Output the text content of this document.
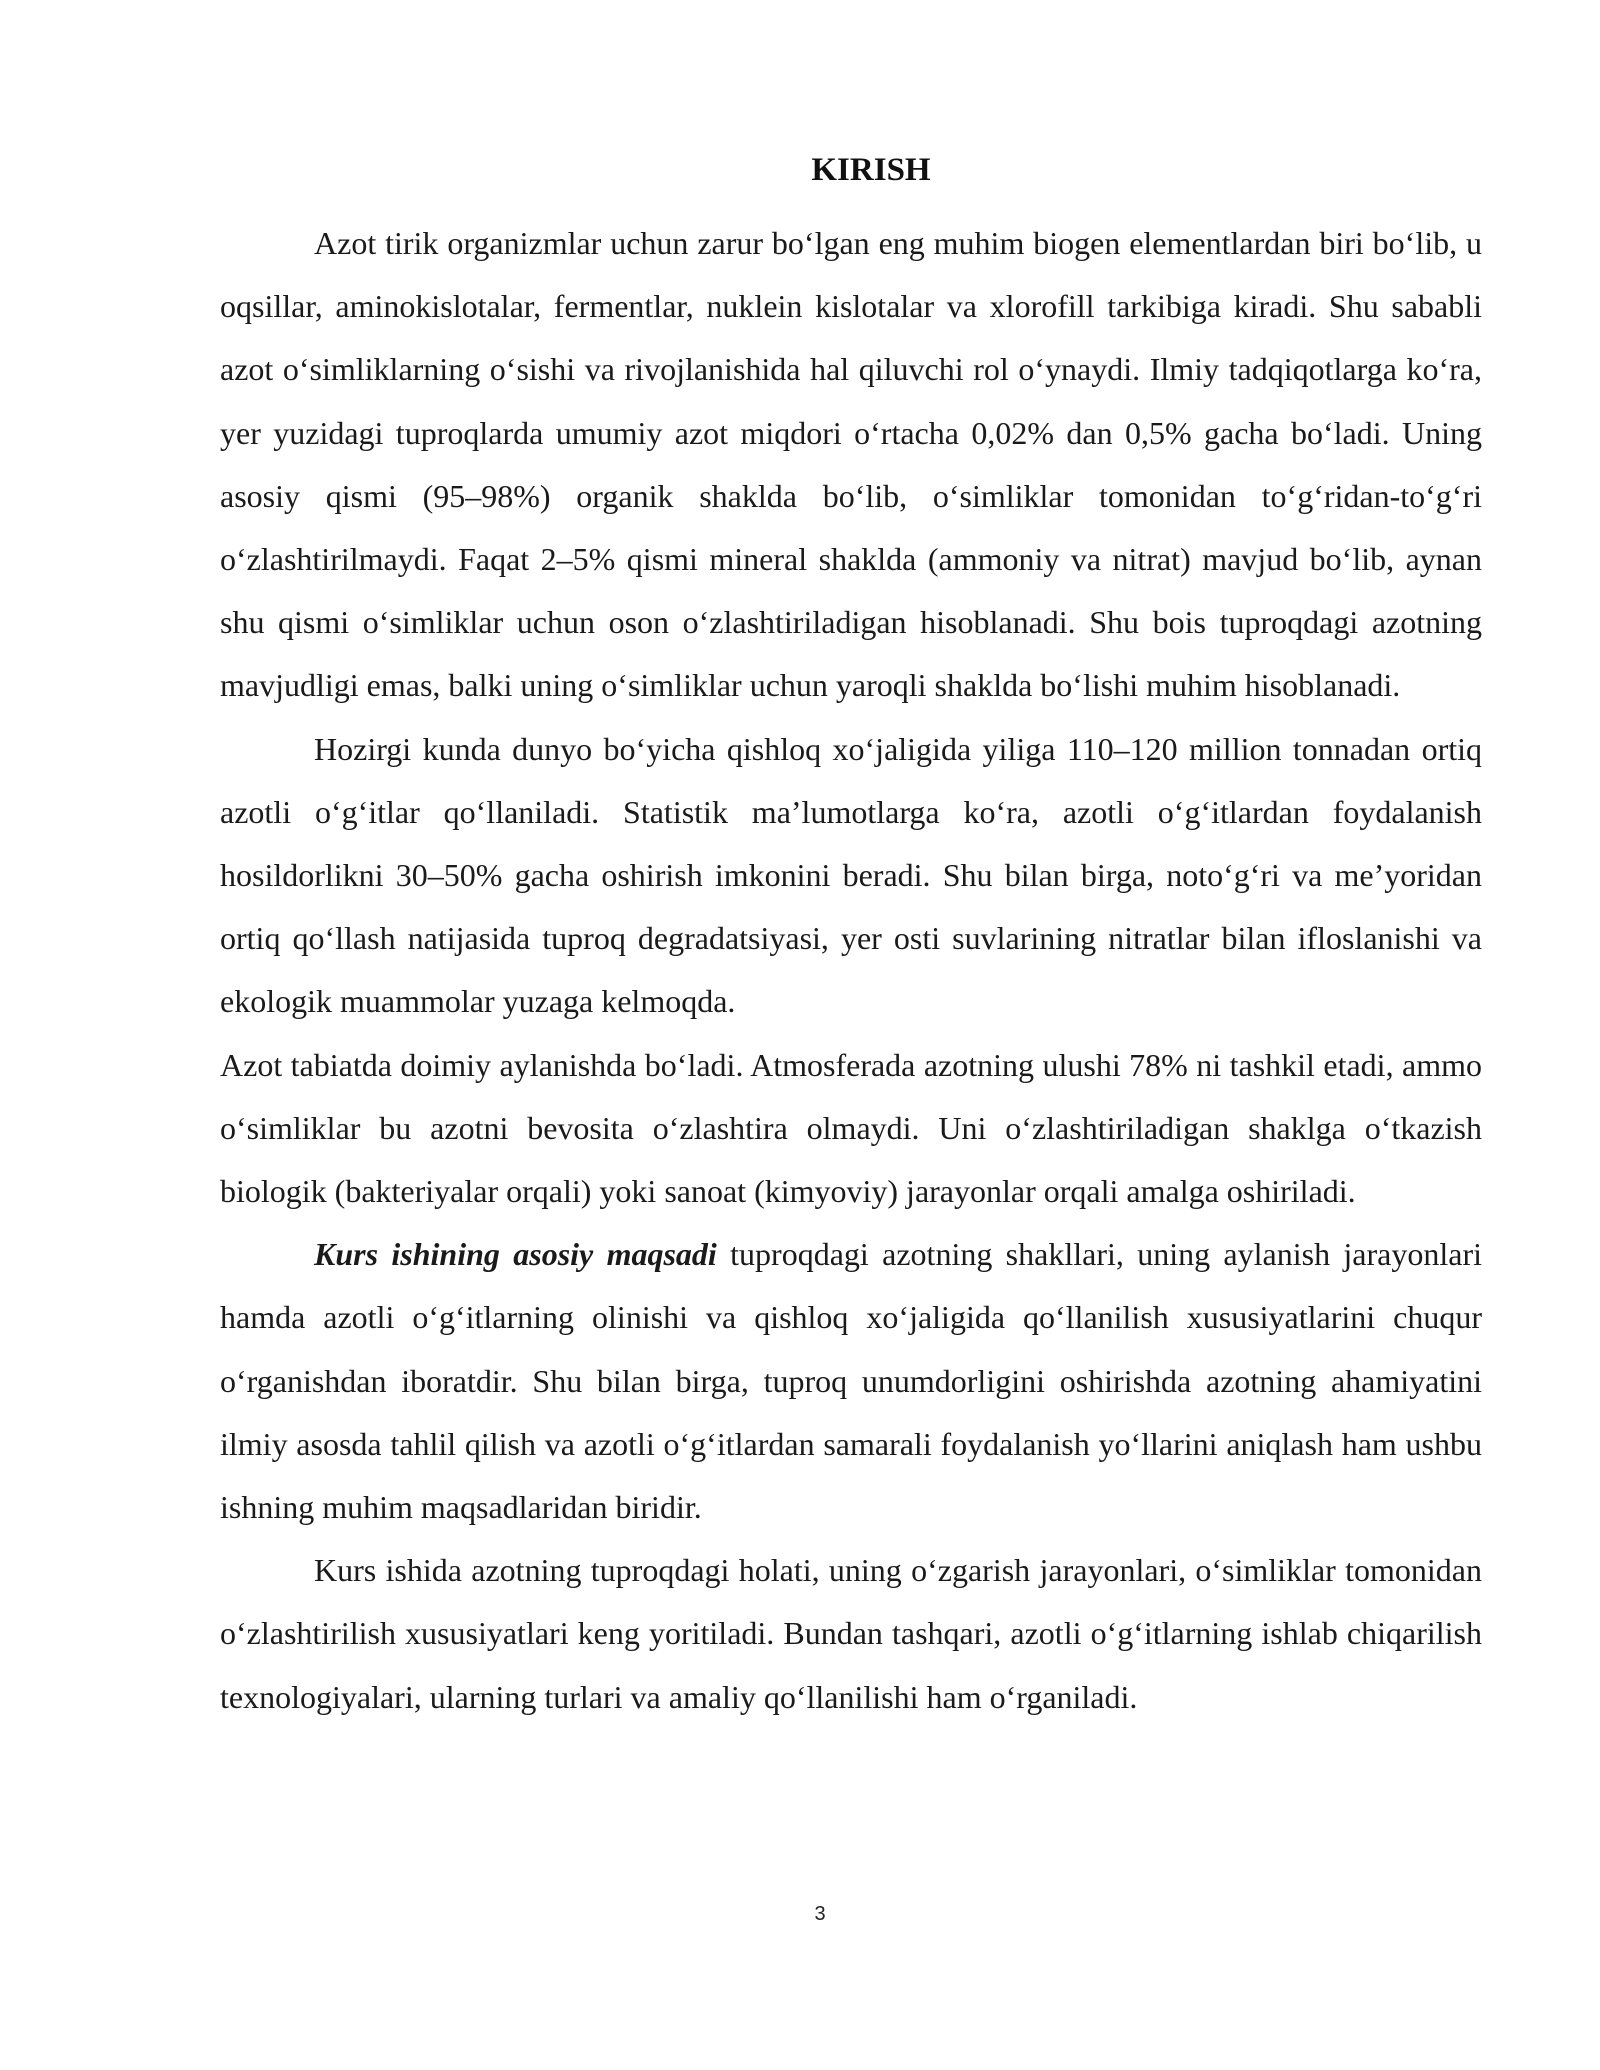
KIRISH

Azot tirik organizmlar uchun zarur bo‘lgan eng muhim biogen elementlardan biri bo‘lib, u oqsillar, aminokislotalar, fermentlar, nuklein kislotalar va xlorofill tarkibiga kiradi. Shu sababli azot o‘simliklarning o‘sishi va rivojlanishida hal qiluvchi rol o‘ynaydi. Ilmiy tadqiqotlarga ko‘ra, yer yuzidagi tuproqlarda umumiy azot miqdori o‘rtacha 0,02% dan 0,5% gacha bo‘ladi. Uning asosiy qismi (95–98%) organik shaklda bo‘lib, o‘simliklar tomonidan to‘g‘ridan-to‘g‘ri o‘zlashtirilmaydi. Faqat 2–5% qismi mineral shaklda (ammoniy va nitrat) mavjud bo‘lib, aynan shu qismi o‘simliklar uchun oson o‘zlashtiriladigan hisoblanadi. Shu bois tuproqdagi azotning mavjudligi emas, balki uning o‘simliklar uchun yaroqli shaklda bo‘lishi muhim hisoblanadi.

Hozirgi kunda dunyo bo‘yicha qishloq xo‘jaligida yiliga 110–120 million tonnadan ortiq azotli o‘g‘itlar qo‘llaniladi. Statistik ma’lumotlarga ko‘ra, azotli o‘g‘itlardan foydalanish hosildorlikni 30–50% gacha oshirish imkonini beradi. Shu bilan birga, noto‘g‘ri va me’yoridan ortiq qo‘llash natijasida tuproq degradatsiyasi, yer osti suvlarining nitratlar bilan ifloslanishi va ekologik muammolar yuzaga kelmoqda.

Azot tabiatda doimiy aylanishda bo‘ladi. Atmosferada azotning ulushi 78% ni tashkil etadi, ammo o‘simliklar bu azotni bevosita o‘zlashtira olmaydi. Uni o‘zlashtiriladigan shaklga o‘tkazish biologik (bakteriyalar orqali) yoki sanoat (kimyoviy) jarayonlar orqali amalga oshiriladi.

Kurs ishining asosiy maqsadi tuproqdagi azotning shakllari, uning aylanish jarayonlari hamda azotli o‘g‘itlarning olinishi va qishloq xo‘jaligida qo‘llanilish xususiyatlarini chuqur o‘rganishdan iboratdir. Shu bilan birga, tuproq unumdorligini oshirishda azotning ahamiyatini ilmiy asosda tahlil qilish va azotli o‘g‘itlardan samarali foydalanish yo‘llarini aniqlash ham ushbu ishning muhim maqsadlaridan biridir.

Kurs ishida azotning tuproqdagi holati, uning o‘zgarish jarayonlari, o‘simliklar tomonidan o‘zlashtirilish xususiyatlari keng yoritiladi. Bundan tashqari, azotli o‘g‘itlarning ishlab chiqarilish texnologiyalari, ularning turlari va amaliy qo‘llanilishi ham o‘rganiladi.

3
